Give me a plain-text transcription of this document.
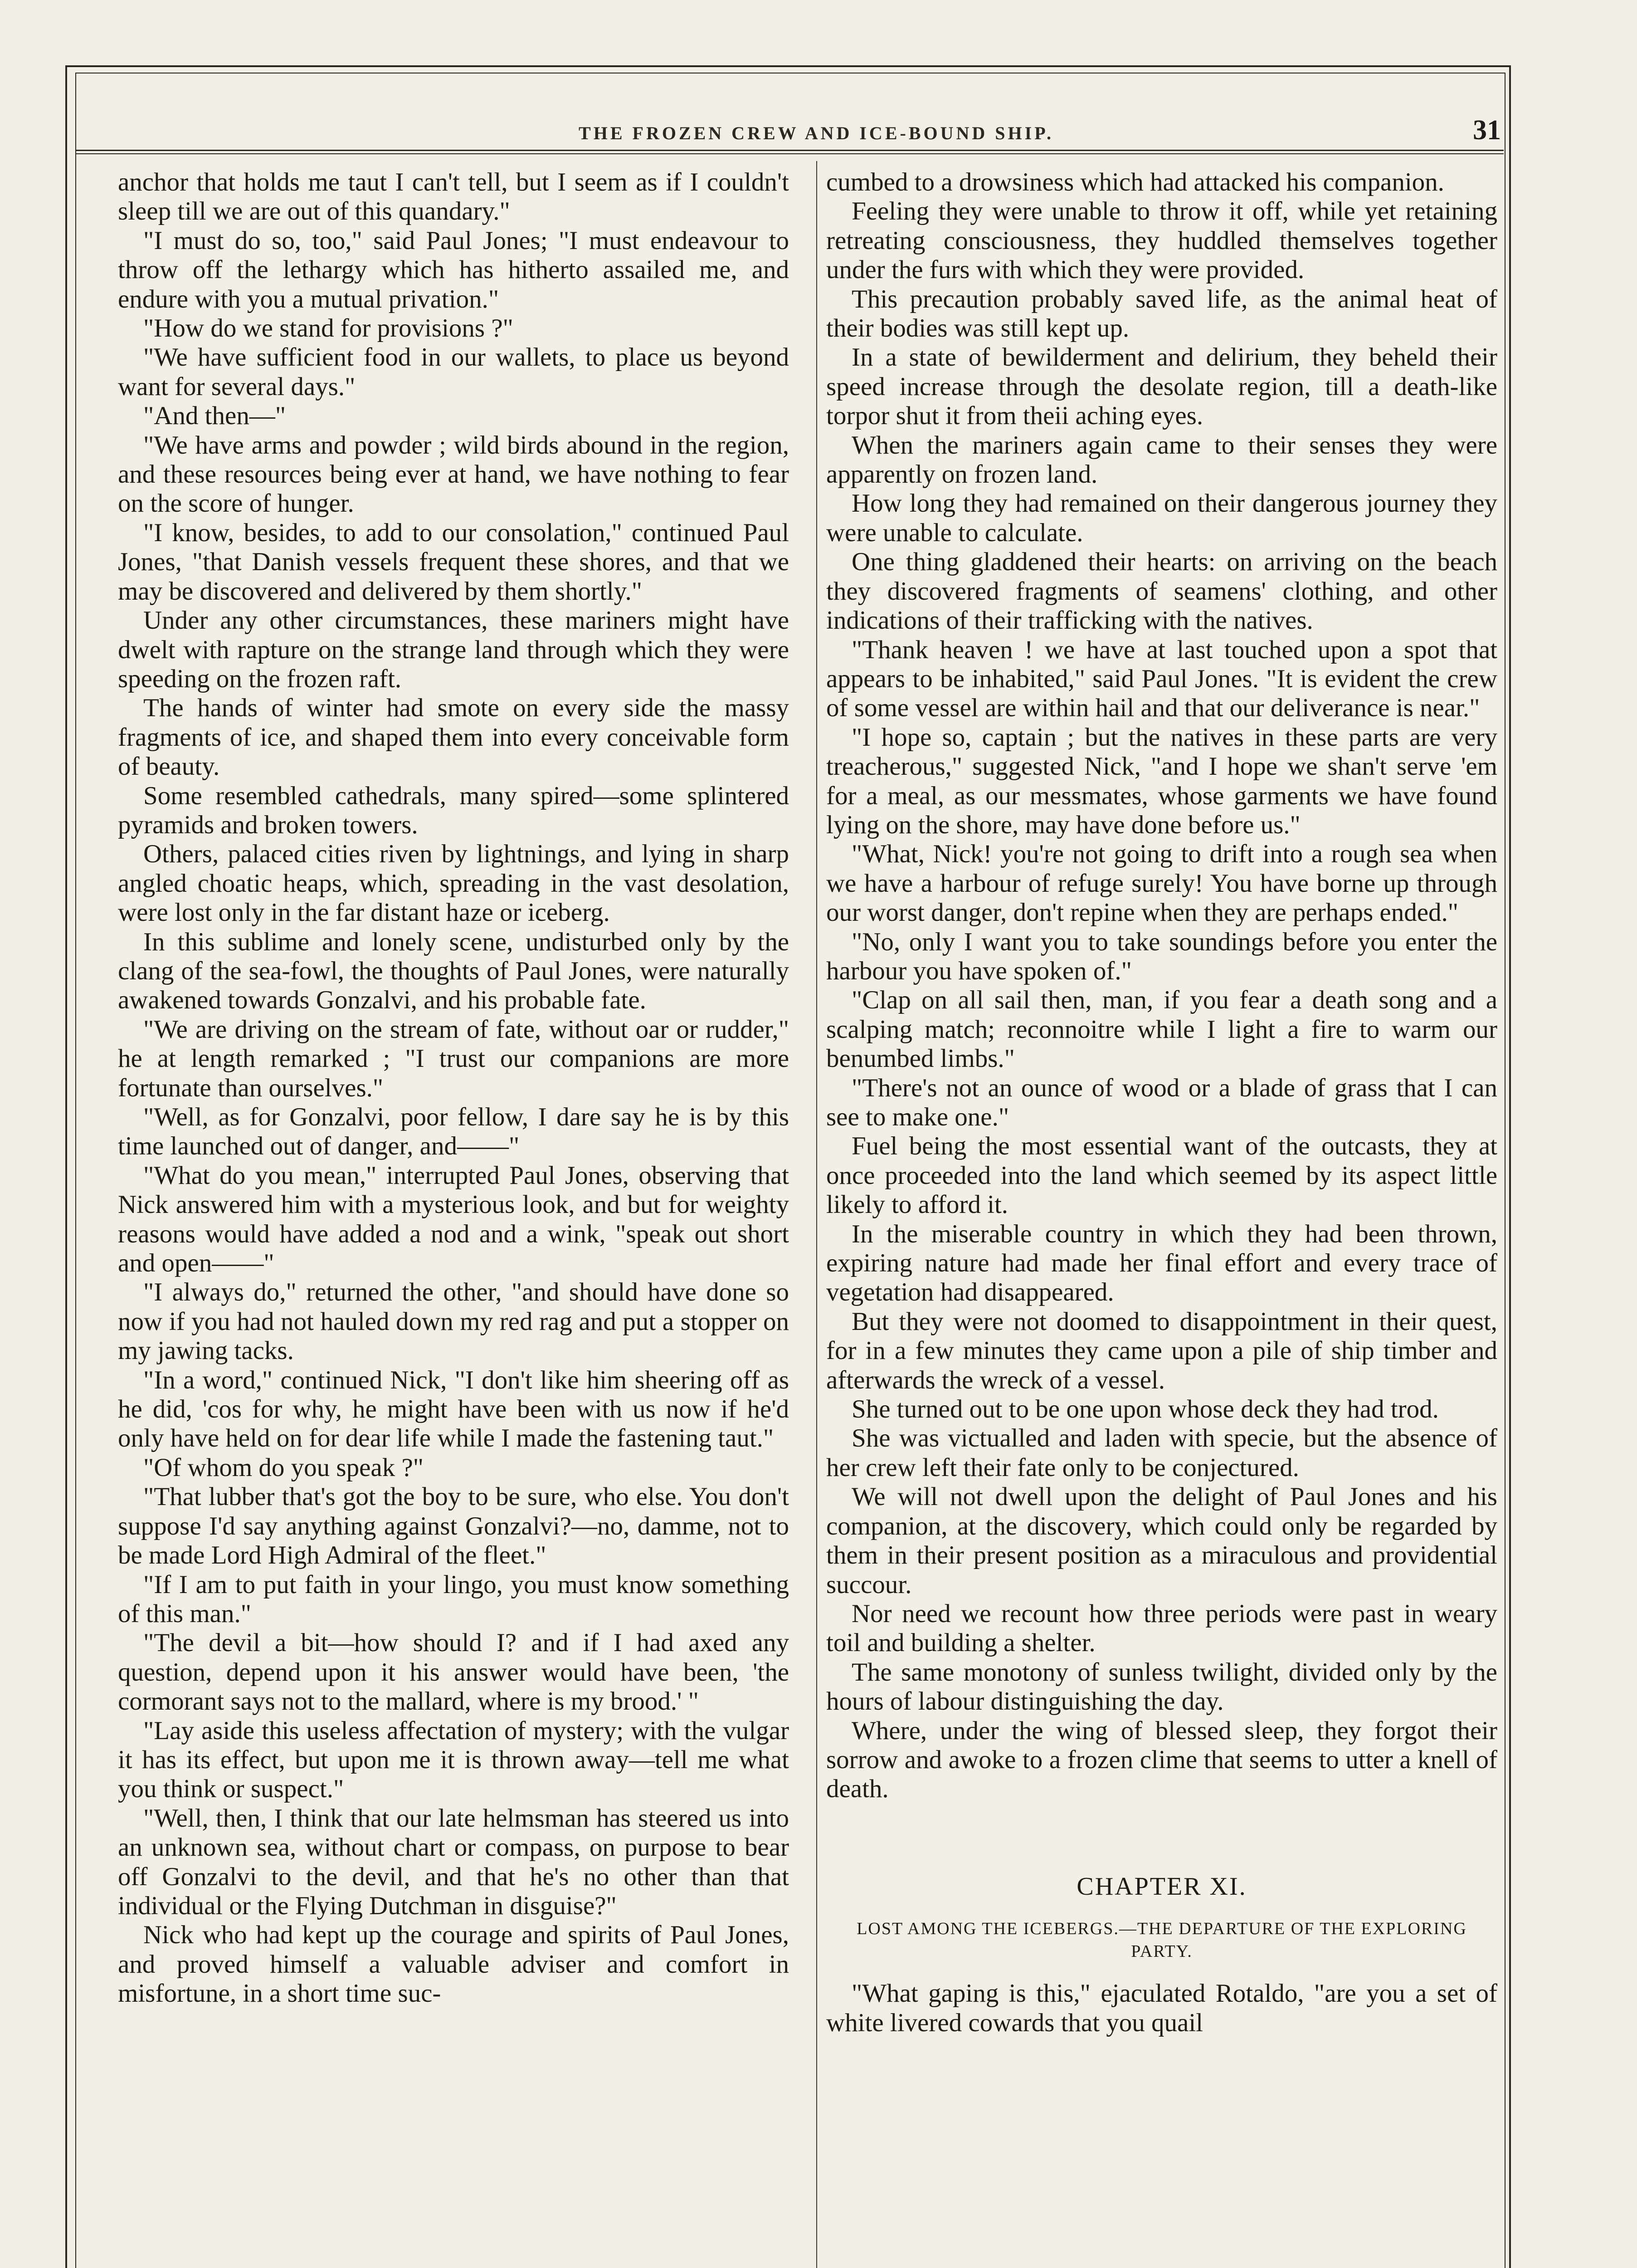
THE FROZEN CREW AND ICE-BOUND SHIP.	31

anchor that holds me taut I can't tell, but I seem as if I couldn't sleep till we are out of this quandary."

"I must do so, too," said Paul Jones; "I must endeavour to throw off the lethargy which has hitherto assailed me, and endure with you a mutual privation."

"How do we stand for provisions ?"

"We have sufficient food in our wallets, to place us beyond want for several days."

"And then—"

"We have arms and powder ; wild birds abound in the region, and these resources being ever at hand, we have nothing to fear on the score of hunger.

"I know, besides, to add to our consolation," continued Paul Jones, "that Danish vessels frequent these shores, and that we may be discovered and delivered by them shortly."

Under any other circumstances, these mariners might have dwelt with rapture on the strange land through which they were speeding on the frozen raft.

The hands of winter had smote on every side the massy fragments of ice, and shaped them into every conceivable form of beauty.

Some resembled cathedrals, many spired—some splintered pyramids and broken towers.

Others, palaced cities riven by lightnings, and lying in sharp angled choatic heaps, which, spreading in the vast desolation, were lost only in the far distant haze or iceberg.

In this sublime and lonely scene, undisturbed only by the clang of the sea-fowl, the thoughts of Paul Jones, were naturally awakened towards Gonzalvi, and his probable fate.

"We are driving on the stream of fate, without oar or rudder," he at length remarked ; "I trust our companions are more fortunate than ourselves."

"Well, as for Gonzalvi, poor fellow, I dare say he is by this time launched out of danger, and——"

"What do you mean," interrupted Paul Jones, observing that Nick answered him with a mysterious look, and but for weighty reasons would have added a nod and a wink, "speak out short and open——"

"I always do," returned the other, "and should have done so now if you had not hauled down my red rag and put a stopper on my jawing tacks.

"In a word," continued Nick, "I don't like him sheering off as he did, 'cos for why, he might have been with us now if he'd only have held on for dear life while I made the fastening taut."

"Of whom do you speak ?"

"That lubber that's got the boy to be sure, who else. You don't suppose I'd say anything against Gonzalvi?—no, damme, not to be made Lord High Admiral of the fleet."

"If I am to put faith in your lingo, you must know something of this man."

"The devil a bit—how should I? and if I had axed any question, depend upon it his answer would have been, 'the cormorant says not to the mallard, where is my brood.' "

"Lay aside this useless affectation of mystery; with the vulgar it has its effect, but upon me it is thrown away—tell me what you think or suspect."

"Well, then, I think that our late helmsman has steered us into an unknown sea, without chart or compass, on purpose to bear off Gonzalvi to the devil, and that he's no other than that individual or the Flying Dutchman in disguise?"

Nick who had kept up the courage and spirits of Paul Jones, and proved himself a valuable adviser and comfort in misfortune, in a short time suc-

cumbed to a drowsiness which had attacked his companion.

Feeling they were unable to throw it off, while yet retaining retreating consciousness, they huddled themselves together under the furs with which they were provided.

This precaution probably saved life, as the animal heat of their bodies was still kept up.

In a state of bewilderment and delirium, they beheld their speed increase through the desolate region, till a death-like torpor shut it from theii aching eyes.

When the mariners again came to their senses they were apparently on frozen land.

How long they had remained on their dangerous journey they were unable to calculate.

One thing gladdened their hearts: on arriving on the beach they discovered fragments of seamens' clothing, and other indications of their trafficking with the natives.

"Thank heaven ! we have at last touched upon a spot that appears to be inhabited," said Paul Jones. "It is evident the crew of some vessel are within hail and that our deliverance is near."

"I hope so, captain ; but the natives in these parts are very treacherous," suggested Nick, "and I hope we shan't serve 'em for a meal, as our messmates, whose garments we have found lying on the shore, may have done before us."

"What, Nick! you're not going to drift into a rough sea when we have a harbour of refuge surely! You have borne up through our worst danger, don't repine when they are perhaps ended."

"No, only I want you to take soundings before you enter the harbour you have spoken of."

"Clap on all sail then, man, if you fear a death song and a scalping match; reconnoitre while I light a fire to warm our benumbed limbs."

"There's not an ounce of wood or a blade of grass that I can see to make one."

Fuel being the most essential want of the outcasts, they at once proceeded into the land which seemed by its aspect little likely to afford it.

In the miserable country in which they had been thrown, expiring nature had made her final effort and every trace of vegetation had disappeared.

But they were not doomed to disappointment in their quest, for in a few minutes they came upon a pile of ship timber and afterwards the wreck of a vessel.

She turned out to be one upon whose deck they had trod.

She was victualled and laden with specie, but the absence of her crew left their fate only to be conjectured.

We will not dwell upon the delight of Paul Jones and his companion, at the discovery, which could only be regarded by them in their present position as a miraculous and providential succour.

Nor need we recount how three periods were past in weary toil and building a shelter.

The same monotony of sunless twilight, divided only by the hours of labour distinguishing the day.

Where, under the wing of blessed sleep, they forgot their sorrow and awoke to a frozen clime that seems to utter a knell of death.

CHAPTER XI.
LOST AMONG THE ICEBERGS.—THE DEPARTURE OF THE EXPLORING PARTY.

"What gaping is this," ejaculated Rotaldo, "are you a set of white livered cowards that you quail
